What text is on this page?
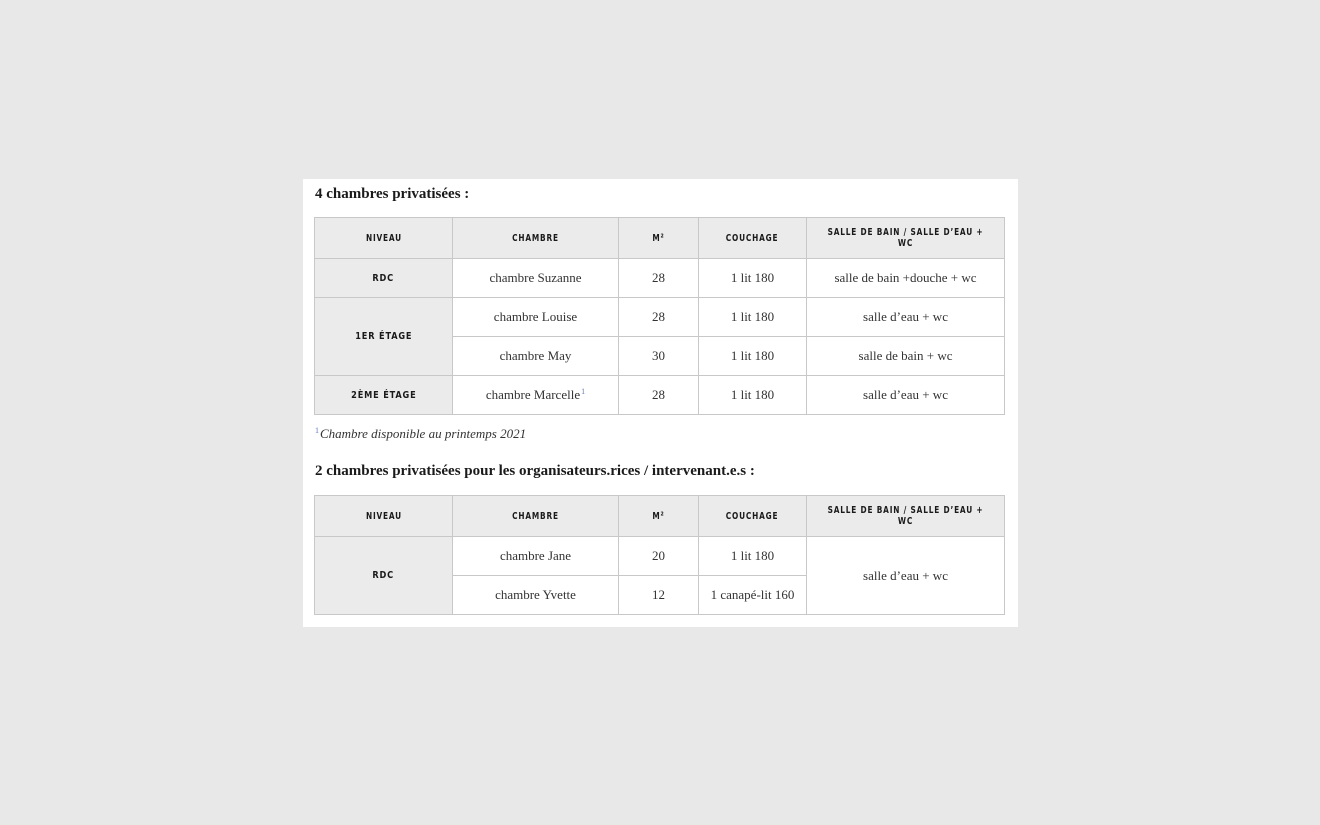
4 chambres privatisées :
NIVEAU	CHAMBRE	M²	COUCHAGE	SALLE DE BAIN / SALLE D’EAU + WC
RDC	chambre Suzanne	28	1 lit 180	salle de bain +douche + wc
1ER ÉTAGE	chambre Louise	28	1 lit 180	salle d’eau + wc
	chambre May	30	1 lit 180	salle de bain + wc
2ÈME ÉTAGE	chambre Marcelle$^1$	28	1 lit 180	salle d’eau + wc
$^1$Chambre disponible au printemps 2021
2 chambres privatisées pour les organisateurs.rices / intervenant.e.s :
NIVEAU	CHAMBRE	M²	COUCHAGE	SALLE DE BAIN / SALLE D’EAU + WC
RDC	chambre Jane	20	1 lit 180	salle d’eau + wc
	chambre Yvette	12	1 canapé-lit 160	
